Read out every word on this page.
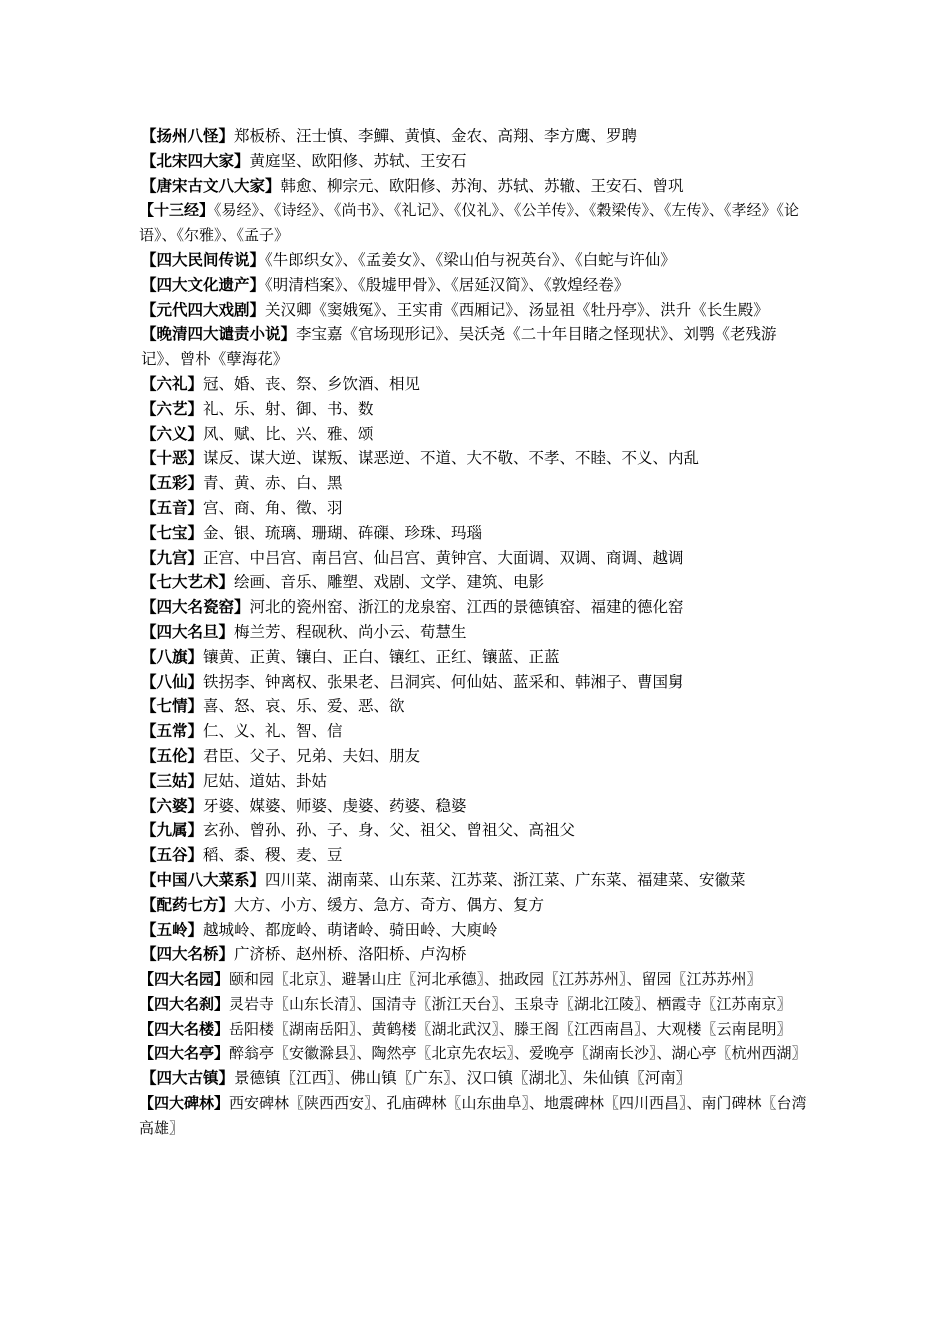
【扬州八怪】郑板桥、汪士慎、李鱓、黄慎、金农、高翔、李方鹰、罗聘

【北宋四大家】黄庭坚、欧阳修、苏轼、王安石

【唐宋古文八大家】韩愈、柳宗元、欧阳修、苏洵、苏轼、苏辙、王安石、曾巩

【十三经】《易经》、《诗经》、《尚书》、《礼记》、《仪礼》、《公羊传》、《穀梁传》、《左传》、《孝经》《论语》、《尔雅》、《孟子》

【四大民间传说】《牛郎织女》、《孟姜女》、《梁山伯与祝英台》、《白蛇与许仙》

【四大文化遗产】《明清档案》、《殷墟甲骨》、《居延汉简》、《敦煌经卷》

【元代四大戏剧】关汉卿《窦娥冤》、王实甫《西厢记》、汤显祖《牡丹亭》、洪升《长生殿》

【晚清四大谴责小说】李宝嘉《官场现形记》、吴沃尧《二十年目睹之怪现状》、刘鹗《老残游记》、曾朴《孽海花》

【六礼】冠、婚、丧、祭、乡饮酒、相见

【六艺】礼、乐、射、御、书、数

【六义】风、赋、比、兴、雅、颂

【十恶】谋反、谋大逆、谋叛、谋恶逆、不道、大不敬、不孝、不睦、不义、内乱

【五彩】青、黄、赤、白、黑

【五音】宫、商、角、徵、羽

【七宝】金、银、琉璃、珊瑚、砗磲、珍珠、玛瑙

【九宫】正宫、中吕宫、南吕宫、仙吕宫、黄钟宫、大面调、双调、商调、越调

【七大艺术】绘画、音乐、雕塑、戏剧、文学、建筑、电影

【四大名瓷窑】河北的瓷州窑、浙江的龙泉窑、江西的景德镇窑、福建的德化窑

【四大名旦】梅兰芳、程砚秋、尚小云、荀慧生

【八旗】镶黄、正黄、镶白、正白、镶红、正红、镶蓝、正蓝

【八仙】铁拐李、钟离权、张果老、吕洞宾、何仙姑、蓝采和、韩湘子、曹国舅

【七情】喜、怒、哀、乐、爱、恶、欲

【五常】仁、义、礼、智、信

【五伦】君臣、父子、兄弟、夫妇、朋友

【三姑】尼姑、道姑、卦姑

【六婆】牙婆、媒婆、师婆、虔婆、药婆、稳婆

【九属】玄孙、曾孙、孙、子、身、父、祖父、曾祖父、高祖父

【五谷】稻、黍、稷、麦、豆

【中国八大菜系】四川菜、湖南菜、山东菜、江苏菜、浙江菜、广东菜、福建菜、安徽菜

【配药七方】大方、小方、缓方、急方、奇方、偶方、复方

【五岭】越城岭、都庞岭、萌诸岭、骑田岭、大庾岭

【四大名桥】广济桥、赵州桥、洛阳桥、卢沟桥

【四大名园】颐和园〖北京〗、避暑山庄〖河北承德〗、拙政园〖江苏苏州〗、留园〖江苏苏州〗

【四大名刹】灵岩寺〖山东长清〗、国清寺〖浙江天台〗、玉泉寺〖湖北江陵〗、栖霞寺〖江苏南京〗

【四大名楼】岳阳楼〖湖南岳阳〗、黄鹤楼〖湖北武汉〗、滕王阁〖江西南昌〗、大观楼〖云南昆明〗

【四大名亭】醉翁亭〖安徽滁县〗、陶然亭〖北京先农坛〗、爱晚亭〖湖南长沙〗、湖心亭〖杭州西湖〗

【四大古镇】景德镇〖江西〗、佛山镇〖广东〗、汉口镇〖湖北〗、朱仙镇〖河南〗

【四大碑林】西安碑林〖陕西西安〗、孔庙碑林〖山东曲阜〗、地震碑林〖四川西昌〗、南门碑林〖台湾高雄〗
